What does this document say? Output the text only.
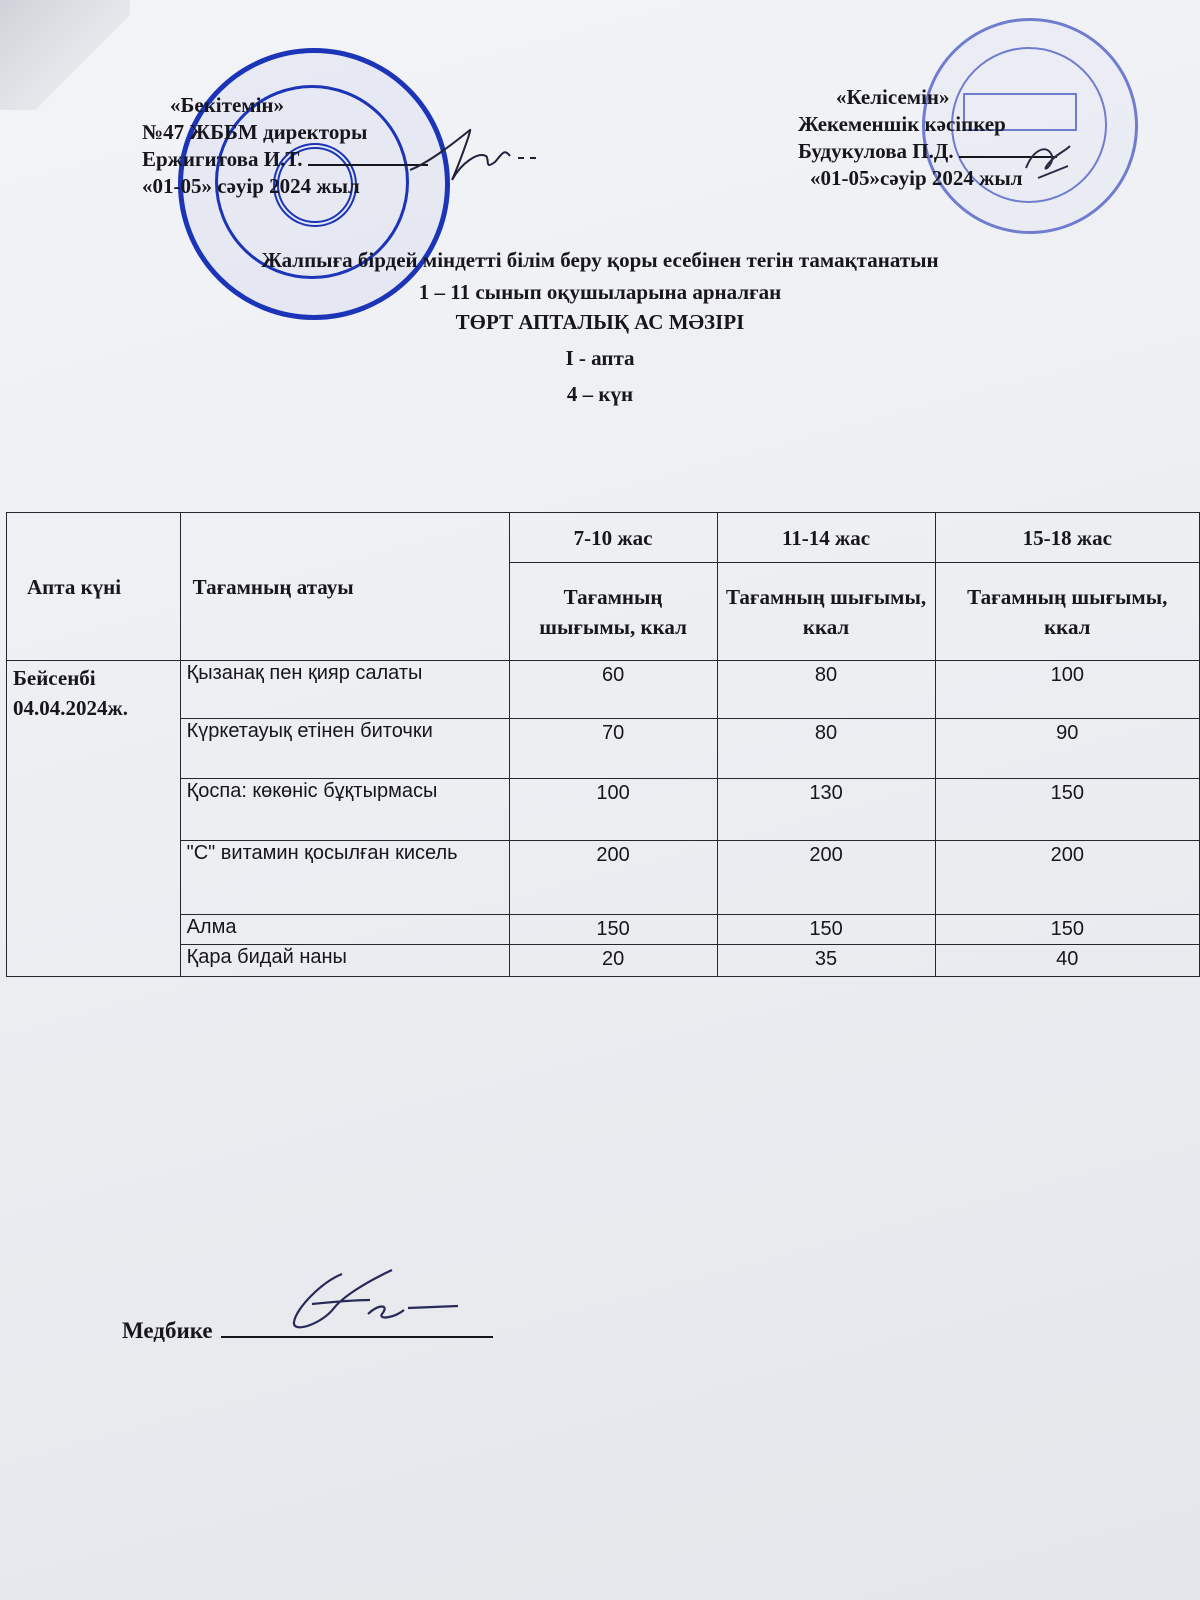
«Бекітемін»
№47 ЖББМ директоры
Ержигитова И.Т.
«01-05» сәуір 2024 жыл
«Келісемін»
Жекеменшік кәсіпкер
Будукулова П.Д.
«01-05»сәуір 2024 жыл
Жалпыға бірдей міндетті білім беру қоры есебінен тегін тамақтанатын
1 – 11 сынып оқушыларына арналған
ТӨРТ АПТАЛЫҚ АС МӘЗІРІ
I - апта
4 – күн
Апта күні	Тағамның атауы	7-10 жас	11-14 жас	15-18 жас
		Тағамның шығымы, ккал	Тағамның шығымы, ккал	Тағамның шығымы, ккал

Бейсенбі
04.04.2024ж.	Қызанақ пен қияр салаты	60	80	100
	Күркетауық етінен биточки	70	80	90
	Қоспа: көкөніс бұқтырмасы	100	130	150
	"С" витамин қосылған кисель	200	200	200
	Алма	150	150	150
	Қара бидай наны	20	35	40
Медбике
